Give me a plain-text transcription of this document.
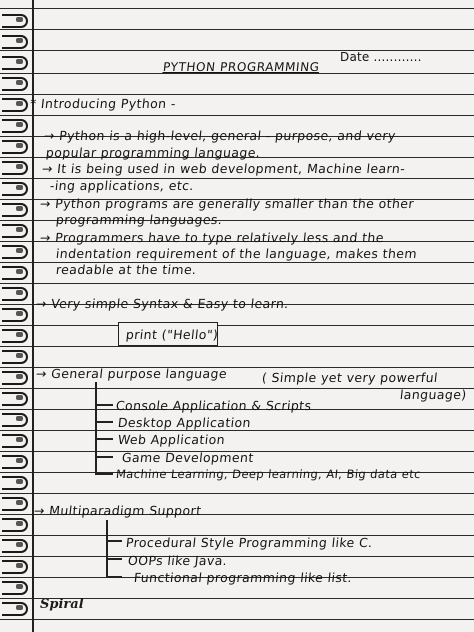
Date ............
PYTHON PROGRAMMING
* Introducing Python -
→ Python is a high-level, general - purpose, and very
popular programming language.
→ It is being used in web development, Machine learn-
-ing applications, etc.
→ Python programs are generally smaller than the other
programming languages.
→ Programmers have to type relatively less and the
indentation requirement of the language, makes them
readable at the time.
→ Very simple Syntax & Easy to learn.
print ("Hello")
→ General purpose language	( Simple yet very powerful
language)
Console Application & Scripts
Desktop Application
Web Application
Game Development
Machine Learning, Deep learning, AI, Big data etc
→ Multiparadigm Support
Procedural Style Programming like C.
OOPs like Java.
Functional programming like list.
Spiral
